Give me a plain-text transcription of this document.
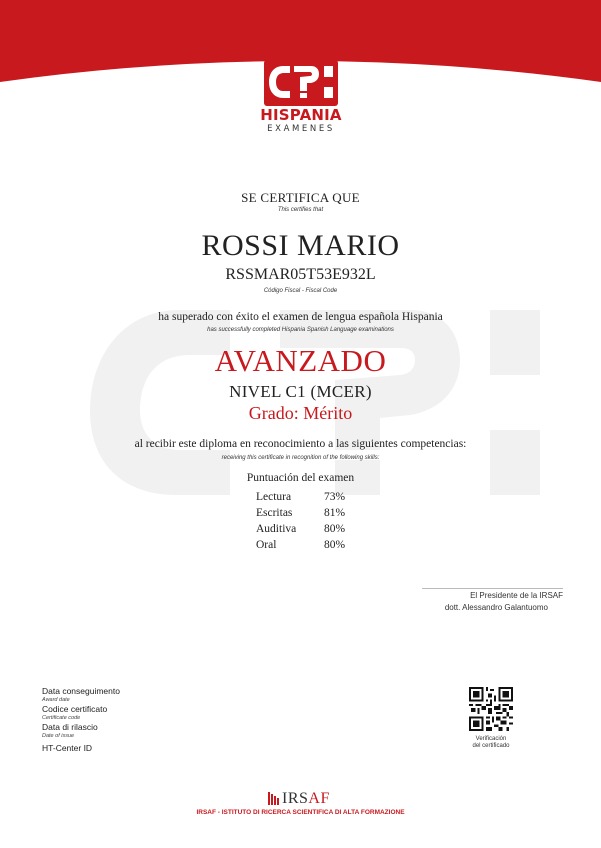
HISPANIA
EXAMENES
SE CERTIFICA QUE
This certifies that
ROSSI MARIO
RSSMAR05T53E932L
Código Fiscal - Fiscal Code
ha superado con éxito el examen de lengua española Hispania
has successfully completed Hispania Spanish Language examinations
AVANZADO
NIVEL C1 (MCER)
Grado: Mérito
al recibir este diploma en reconocimiento a las siguientes competencias:
receiving this certificate in recognition of the following skills:
Puntuación del examen
Lectura	73%
Escritas	81%
Auditiva 80%
Oral	80%
El Presidente de la IRSAF
dott. Alessandro Galantuomo
Data conseguimento
Award date
Codice certificato
Certificate code
Data di rilascio
Date of issue
HT-Center ID
Verificación
del certificado
IRSAF
IRSAF - ISTITUTO DI RICERCA SCIENTIFICA DI ALTA FORMAZIONE
